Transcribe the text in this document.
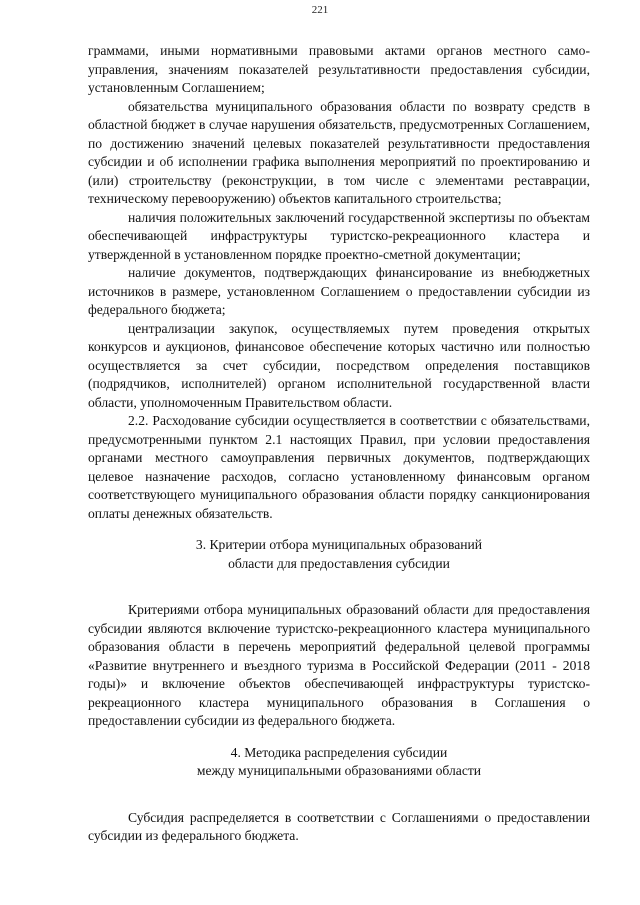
221

граммами, иными нормативными правовыми актами органов местного самоуправления, значениям показателей результативности предоставления субсидии, установленным Соглашением;

обязательства муниципального образования области по возврату средств в областной бюджет в случае нарушения обязательств, предусмотренных Соглашением, по достижению значений целевых показателей результативности предоставления субсидии и об исполнении графика выполнения мероприятий по проектированию и (или) строительству (реконструкции, в том числе с элементами реставрации, техническому перевооружению) объектов капитального строительства;

наличия положительных заключений государственной экспертизы по объектам обеспечивающей инфраструктуры туристско-рекреационного кластера и утвержденной в установленном порядке проектно-сметной документации;

наличие документов, подтверждающих финансирование из внебюджетных источников в размере, установленном Соглашением о предоставлении субсидии из федерального бюджета;

централизации закупок, осуществляемых путем проведения открытых конкурсов и аукционов, финансовое обеспечение которых частично или полностью осуществляется за счет субсидии, посредством определения поставщиков (подрядчиков, исполнителей) органом исполнительной государственной власти области, уполномоченным Правительством области.

2.2. Расходование субсидии осуществляется в соответствии с обязательствами, предусмотренными пунктом 2.1 настоящих Правил, при условии предоставления органами местного самоуправления первичных документов, подтверждающих целевое назначение расходов, согласно установленному финансовым органом соответствующего муниципального образования области порядку санкционирования оплаты денежных обязательств.

3. Критерии отбора муниципальных образований

области для предоставления субсидии

Критериями отбора муниципальных образований области для предоставления субсидии являются включение туристско-рекреационного кластера муниципального образования области в перечень мероприятий федеральной целевой программы «Развитие внутреннего и въездного туризма в Российской Федерации (2011 - 2018 годы)» и включение объектов обеспечивающей инфраструктуры туристско-рекреационного кластера муниципального образования в Соглашения о предоставлении субсидии из федерального бюджета.

4. Методика распределения субсидии

между муниципальными образованиями области

Субсидия распределяется в соответствии с Соглашениями о предоставлении субсидии из федерального бюджета.
